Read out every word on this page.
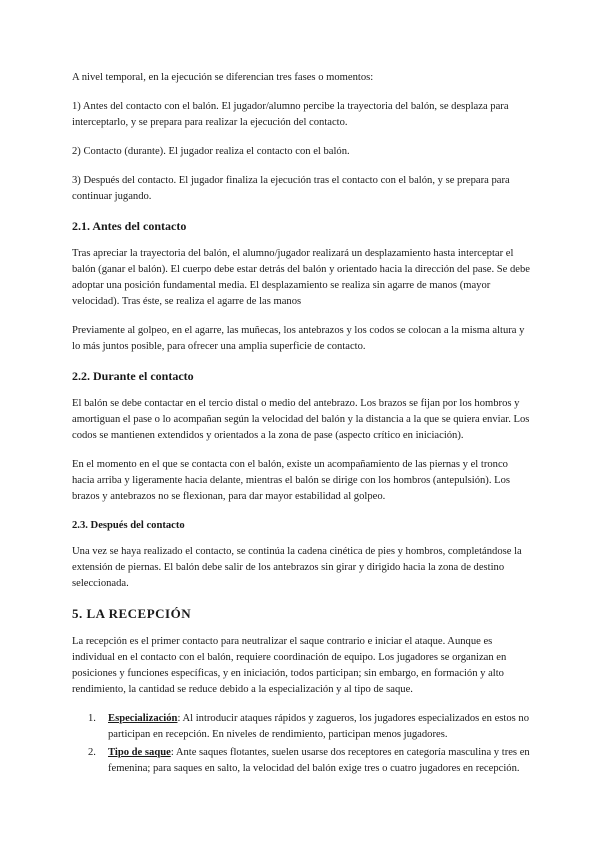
A nivel temporal, en la ejecución se diferencian tres fases o momentos:

1) Antes del contacto con el balón. El jugador/alumno percibe la trayectoria del balón, se desplaza para interceptarlo, y se prepara para realizar la ejecución del contacto.

2) Contacto (durante). El jugador realiza el contacto con el balón.

3) Después del contacto. El jugador finaliza la ejecución tras el contacto con el balón, y se prepara para continuar jugando.

2.1. Antes del contacto

Tras apreciar la trayectoria del balón, el alumno/jugador realizará un desplazamiento hasta interceptar el balón (ganar el balón). El cuerpo debe estar detrás del balón y orientado hacia la dirección del pase. Se debe adoptar una posición fundamental media. El desplazamiento se realiza sin agarre de manos (mayor velocidad). Tras éste, se realiza el agarre de las manos

Previamente al golpeo, en el agarre, las muñecas, los antebrazos y los codos se colocan a la misma altura y lo más juntos posible, para ofrecer una amplia superficie de contacto.

2.2. Durante el contacto

El balón se debe contactar en el tercio distal o medio del antebrazo. Los brazos se fijan por los hombros y amortiguan el pase o lo acompañan según la velocidad del balón y la distancia a la que se quiera enviar. Los codos se mantienen extendidos y orientados a la zona de pase (aspecto crítico en iniciación).

En el momento en el que se contacta con el balón, existe un acompañamiento de las piernas y el tronco hacia arriba y ligeramente hacia delante, mientras el balón se dirige con los hombros (antepulsión). Los brazos y antebrazos no se flexionan, para dar mayor estabilidad al golpeo.

2.3. Después del contacto

Una vez se haya realizado el contacto, se continúa la cadena cinética de pies y hombros, completándose la extensión de piernas. El balón debe salir de los antebrazos sin girar y dirigido hacia la zona de destino seleccionada.

5. LA RECEPCIÓN

La recepción es el primer contacto para neutralizar el saque contrario e iniciar el ataque. Aunque es individual en el contacto con el balón, requiere coordinación de equipo. Los jugadores se organizan en posiciones y funciones específicas, y en iniciación, todos participan; sin embargo, en formación y alto rendimiento, la cantidad se reduce debido a la especialización y al tipo de saque.

1. Especialización: Al introducir ataques rápidos y zagueros, los jugadores especializados en estos no participan en recepción. En niveles de rendimiento, participan menos jugadores.
2. Tipo de saque: Ante saques flotantes, suelen usarse dos receptores en categoría masculina y tres en femenina; para saques en salto, la velocidad del balón exige tres o cuatro jugadores en recepción.
